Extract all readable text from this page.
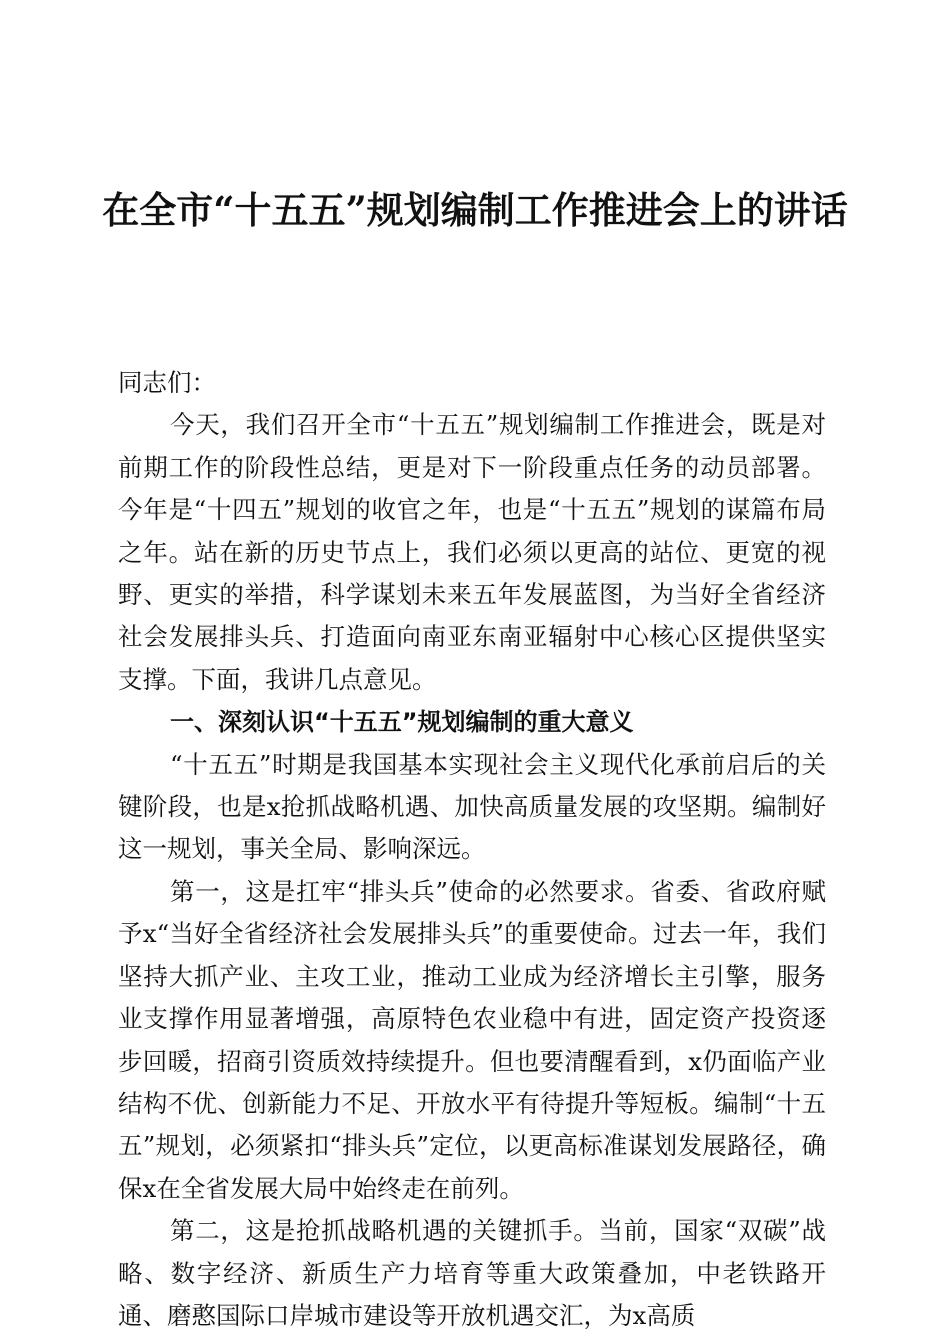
在全市“十五五”规划编制工作推进会上的讲话

同志们：

今天，我们召开全市“十五五”规划编制工作推进会，既是对前期工作的阶段性总结，更是对下一阶段重点任务的动员部署。今年是“十四五”规划的收官之年，也是“十五五”规划的谋篇布局之年。站在新的历史节点上，我们必须以更高的站位、更宽的视野、更实的举措，科学谋划未来五年发展蓝图，为当好全省经济社会发展排头兵、打造面向南亚东南亚辐射中心核心区提供坚实支撑。下面，我讲几点意见。

一、深刻认识“十五五”规划编制的重大意义

“十五五”时期是我国基本实现社会主义现代化承前启后的关键阶段，也是x抢抓战略机遇、加快高质量发展的攻坚期。编制好这一规划，事关全局、影响深远。

第一，这是扛牢“排头兵”使命的必然要求。省委、省政府赋予x“当好全省经济社会发展排头兵”的重要使命。过去一年，我们坚持大抓产业、主攻工业，推动工业成为经济增长主引擎，服务业支撑作用显著增强，高原特色农业稳中有进，固定资产投资逐步回暖，招商引资质效持续提升。但也要清醒看到，x仍面临产业结构不优、创新能力不足、开放水平有待提升等短板。编制“十五五”规划，必须紧扣“排头兵”定位，以更高标准谋划发展路径，确保x在全省发展大局中始终走在前列。

第二，这是抢抓战略机遇的关键抓手。当前，国家“双碳”战略、数字经济、新质生产力培育等重大政策叠加，中老铁路开通、磨憨国际口岸城市建设等开放机遇交汇，为x高质
